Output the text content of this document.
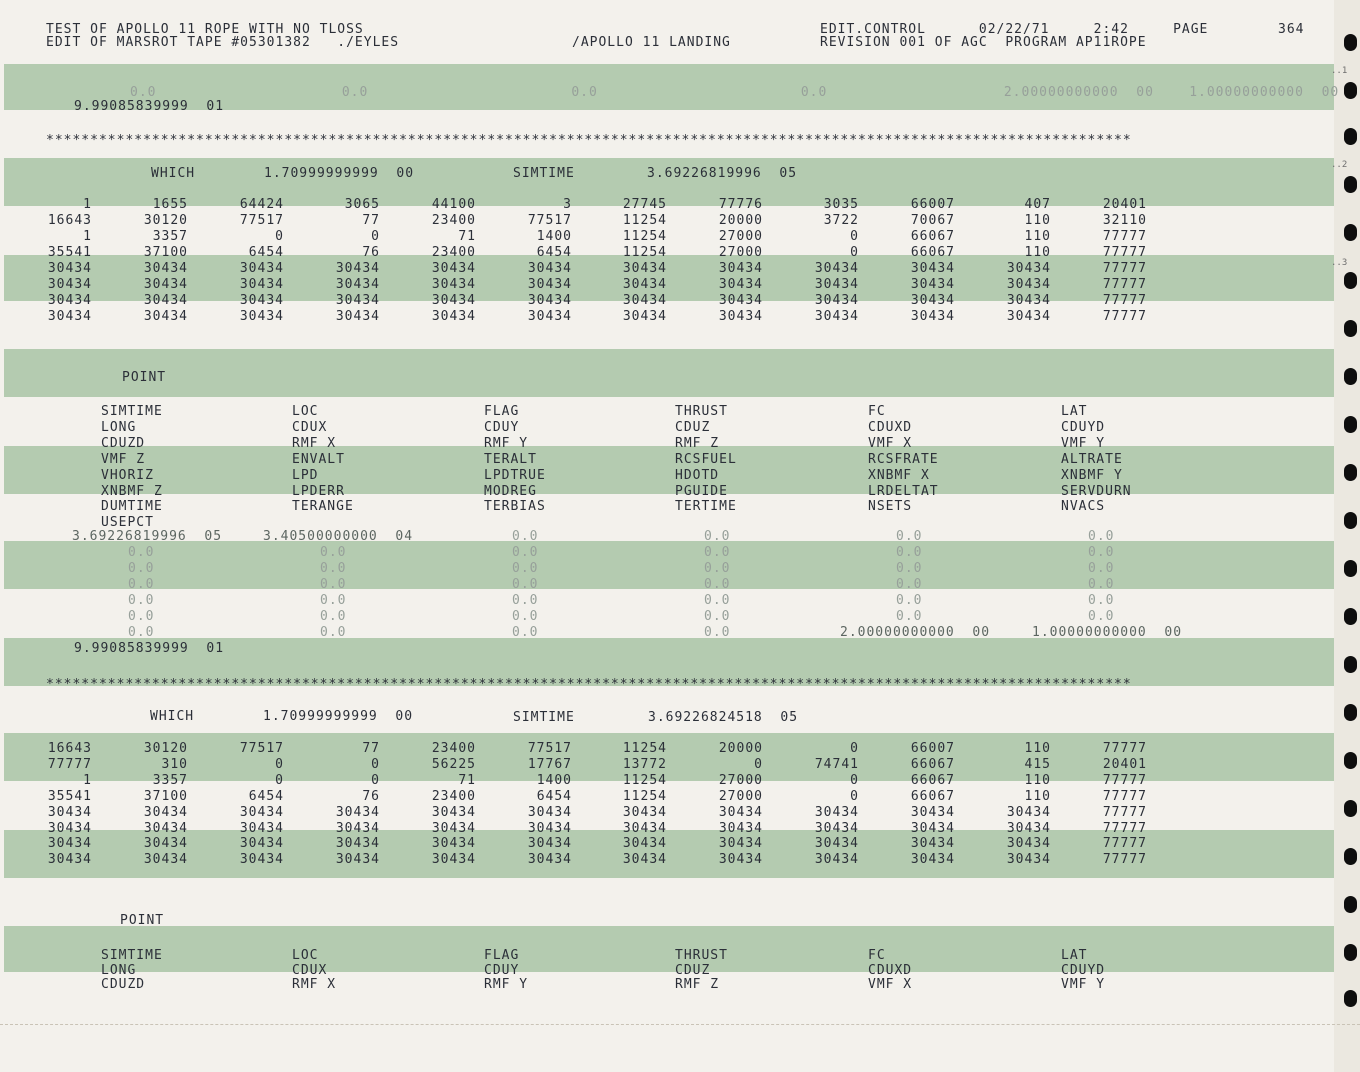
TEST OF APOLLO 11 ROPE WITH NO TLOSS
EDIT OF MARSROT TAPE #05301382   ./EYLES	/APOLLO 11 LANDING
EDIT.CONTROL      02/22/71     2:42     PAGE
REVISION 001 OF AGC  PROGRAM AP11ROPE
364
0.0                     0.0                       0.0                       0.0                    2.00000000000  00    1.00000000000  00
9.99085839999  01
***************************************************************************************************************************
WHICH	1.70999999999  00	SIMTIME	3.69226819996  05
1	1655	64424	3065	44100	3	27745	77776	3035	66007	407	20401
16643	30120	77517	77	23400	77517	11254	20000	3722	70067	110	32110
1	3357	0	0	71	1400	11254	27000	0	66067	110	77777
35541	37100	6454	76	23400	6454	11254	27000	0	66067	110	77777
30434	30434	30434	30434	30434	30434	30434	30434	30434	30434	30434	77777
30434	30434	30434	30434	30434	30434	30434	30434	30434	30434	30434	77777
30434	30434	30434	30434	30434	30434	30434	30434	30434	30434	30434	77777
30434	30434	30434	30434	30434	30434	30434	30434	30434	30434	30434	77777
POINT
SIMTIME	LOC	FLAG	THRUST	FC	LAT
LONG	CDUX	CDUY	CDUZ	CDUXD	CDUYD
CDUZD	RMF X	RMF Y	RMF Z	VMF X	VMF Y
VMF Z	ENVALT	TERALT	RCSFUEL	RCSFRATE	ALTRATE
VHORIZ	LPD	LPDTRUE	HDOTD	XNBMF X	XNBMF Y
XNBMF Z	LPDERR	MODREG	PGUIDE	LRDELTAT	SERVDURN
DUMTIME	TERANGE	TERBIAS	TERTIME	NSETS	NVACS
USEPCT
3.69226819996  05	3.40500000000  04	0.0	0.0	0.0	0.0
0.0	0.0	0.0	0.0	0.0	0.0
0.0	0.0	0.0	0.0	0.0	0.0
0.0	0.0	0.0	0.0	0.0	0.0
0.0	0.0	0.0	0.0	0.0	0.0
0.0	0.0	0.0	0.0	0.0	0.0
0.0	0.0	0.0	0.0	2.00000000000  00	1.00000000000  00
9.99085839999  01
***************************************************************************************************************************
WHICH	1.70999999999  00	SIMTIME	3.69226824518  05
16643	30120	77517	77	23400	77517	11254	20000	0	66007	110	77777
77777	310	0	0	56225	17767	13772	0	74741	66067	415	20401
1	3357	0	0	71	1400	11254	27000	0	66067	110	77777
35541	37100	6454	76	23400	6454	11254	27000	0	66067	110	77777
30434	30434	30434	30434	30434	30434	30434	30434	30434	30434	30434	77777
30434	30434	30434	30434	30434	30434	30434	30434	30434	30434	30434	77777
30434	30434	30434	30434	30434	30434	30434	30434	30434	30434	30434	77777
30434	30434	30434	30434	30434	30434	30434	30434	30434	30434	30434	77777
POINT
SIMTIME	LOC	FLAG	THRUST	FC	LAT
LONG	CDUX	CDUY	CDUZ	CDUXD	CDUYD
CDUZD	RMF X	RMF Y	RMF Z	VMF X	VMF Y
..1
..2
..3
